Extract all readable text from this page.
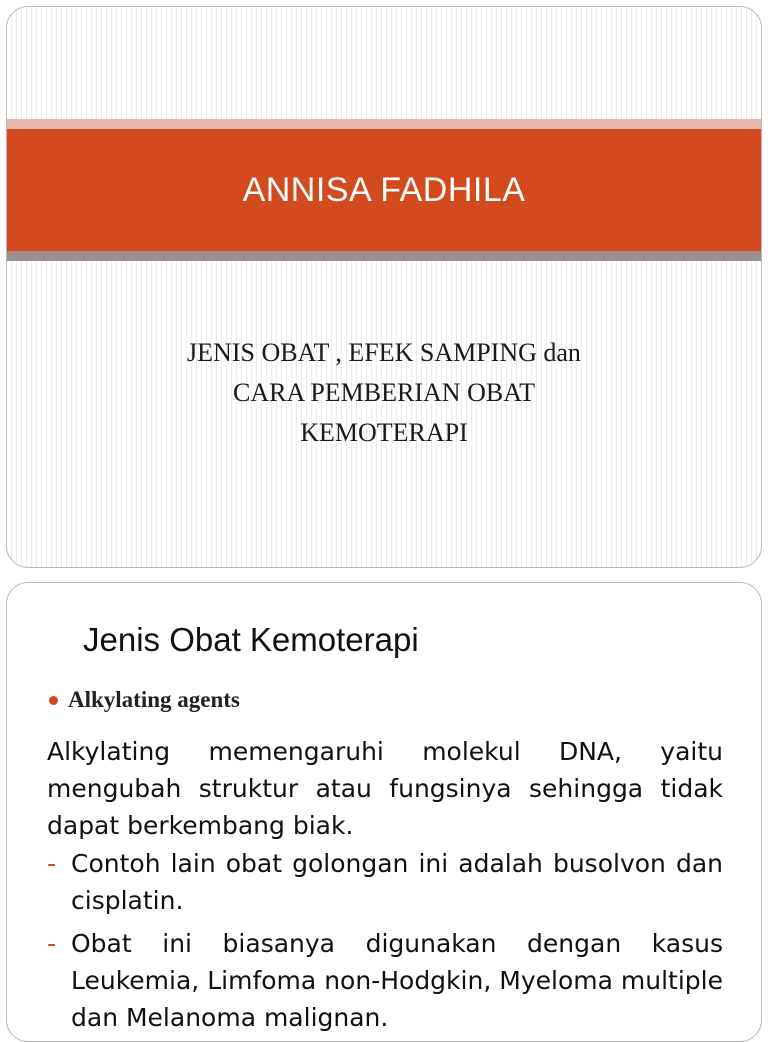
ANNISA FADHILA
JENIS OBAT , EFEK SAMPING dan
CARA PEMBERIAN OBAT
KEMOTERAPI
Jenis Obat Kemoterapi
Alkylating agents
Alkylating memengaruhi molekul DNA, yaitu mengubah struktur atau fungsinya sehingga tidak dapat berkembang biak.
- Contoh lain obat golongan ini adalah busolvon dan cisplatin.
- Obat ini biasanya digunakan dengan kasus Leukemia, Limfoma non-Hodgkin, Myeloma multiple dan Melanoma malignan.
